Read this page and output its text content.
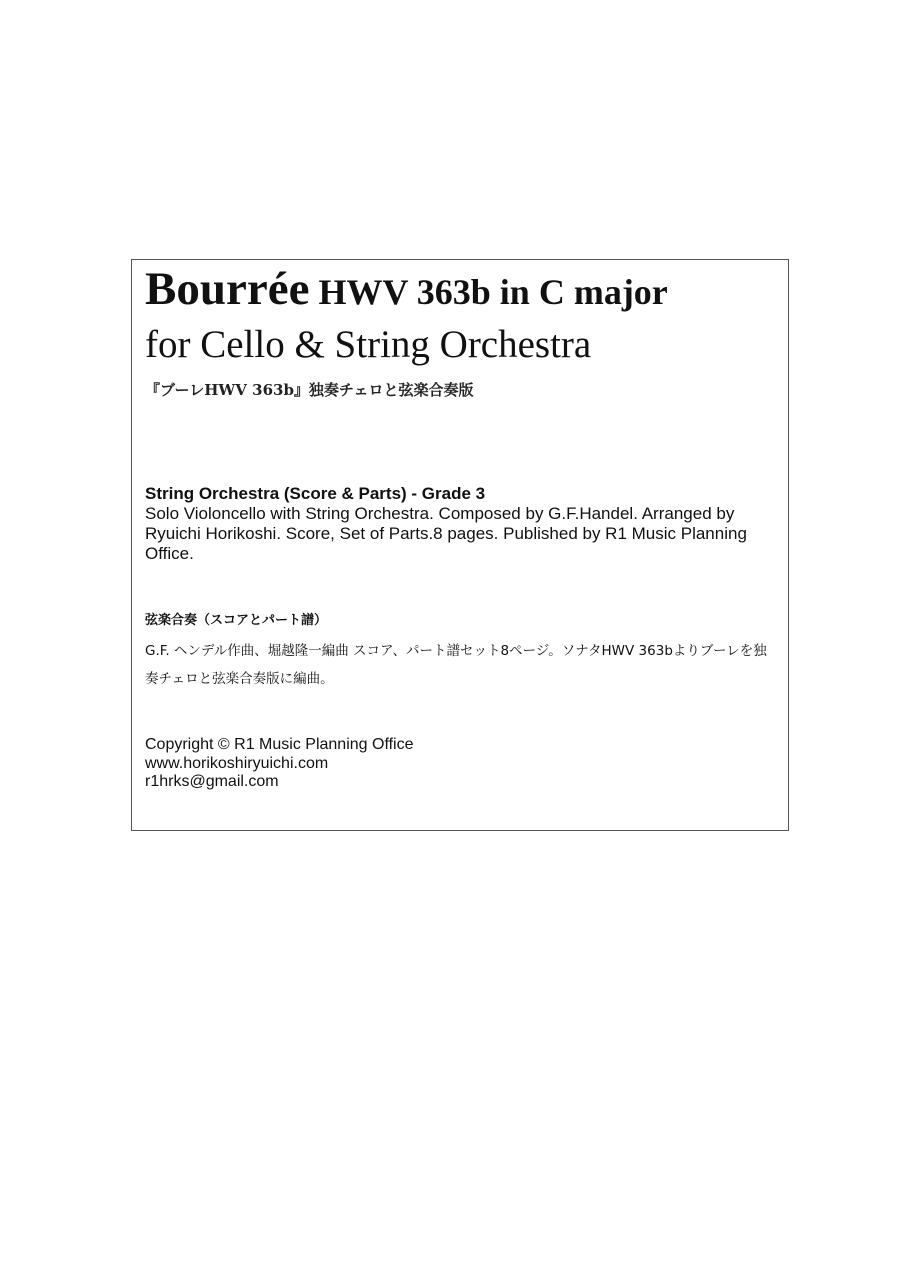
Bourrée HWV 363b in C major
for Cello & String Orchestra
『ブーレHWV 363b』独奏チェロと弦楽合奏版
String Orchestra (Score & Parts) - Grade 3

Solo Violoncello with String Orchestra. Composed by G.F.Handel. Arranged by Ryuichi Horikoshi. Score, Set of Parts.8 pages. Published by R1 Music Planning Office.

弦楽合奏（スコアとパート譜）
G.F. ヘンデル作曲、堀越隆一編曲 スコア、パート譜セット8ページ。ソナタHWV 363bよりブーレを独奏チェロと弦楽合奏版に編曲。
Copyright © R1 Music Planning Office
www.horikoshiryuichi.com
r1hrks@gmail.com
